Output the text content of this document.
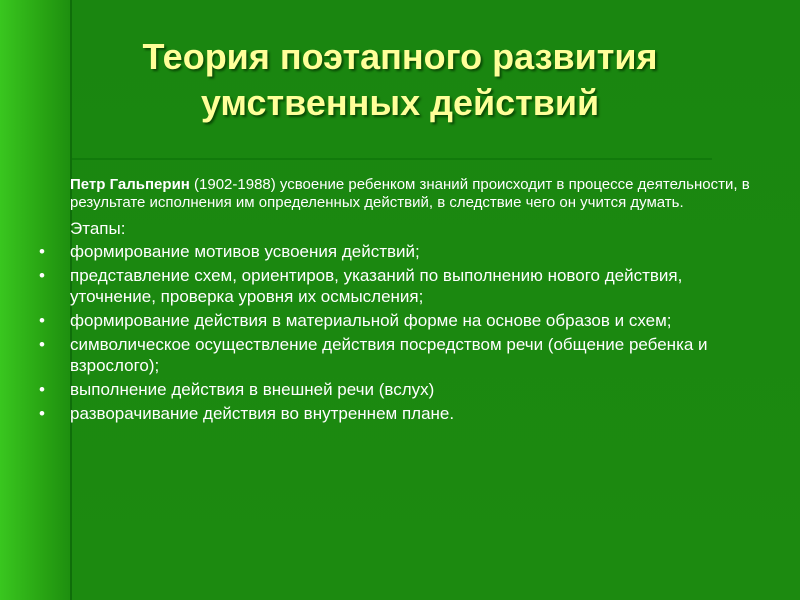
Теория поэтапного развития
умственных действий

Петр Гальперин (1902-1988) усвоение ребенком знаний происходит в процессе деятельности, в результате исполнения им определенных действий, в следствие чего он учится думать.

Этапы:
•	формирование мотивов усвоения действий;
•	представление схем, ориентиров, указаний по выполнению нового действия, уточнение, проверка уровня их осмысления;
•	формирование действия в материальной форме на основе образов и схем;
•	символическое осуществление действия посредством речи (общение ребенка и взрослого);
•	выполнение действия в внешней речи (вслух)
•	разворачивание действия во внутреннем плане.
